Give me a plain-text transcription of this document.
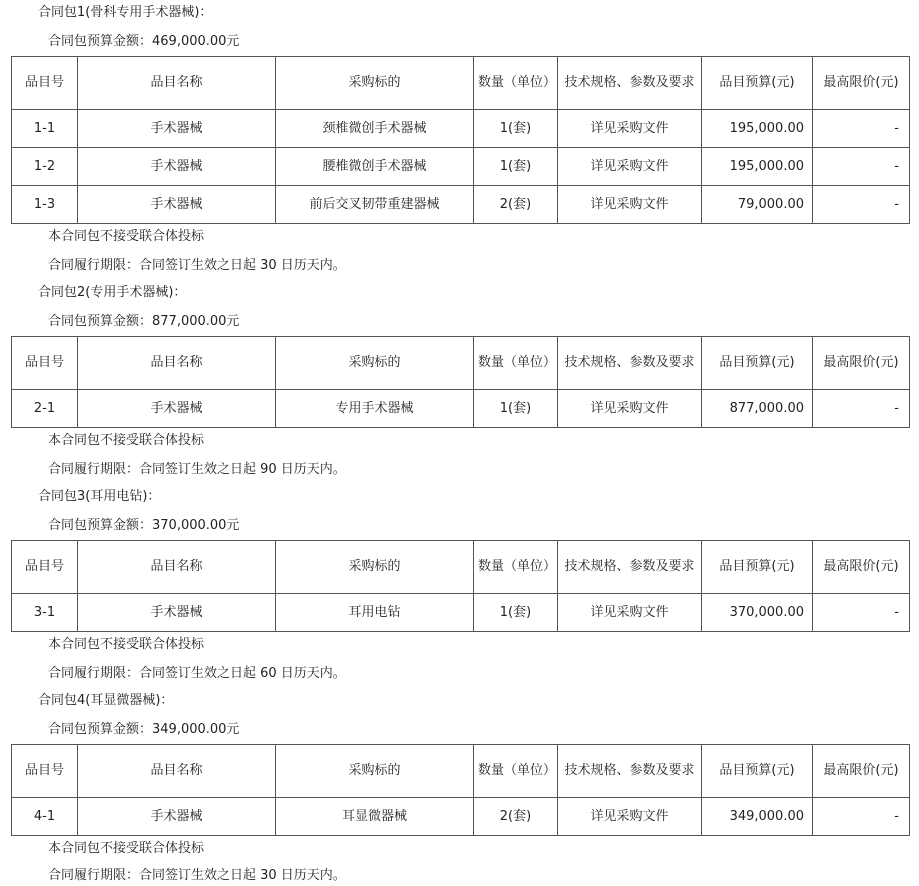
合同包1(骨科专用手术器械)：
合同包预算金额：469,000.00元
品目号	品目名称	采购标的	数量（单位）	技术规格、参数及要求	品目预算(元)	最高限价(元)
1-1	手术器械	颈椎微创手术器械	1(套)	详见采购文件	195,000.00	-
1-2	手术器械	腰椎微创手术器械	1(套)	详见采购文件	195,000.00	-
1-3	手术器械	前后交叉韧带重建器械	2(套)	详见采购文件	79,000.00	-
本合同包不接受联合体投标
合同履行期限：合同签订生效之日起 30 日历天内。
合同包2(专用手术器械)：
合同包预算金额：877,000.00元
品目号	品目名称	采购标的	数量（单位）	技术规格、参数及要求	品目预算(元)	最高限价(元)
2-1	手术器械	专用手术器械	1(套)	详见采购文件	877,000.00	-
本合同包不接受联合体投标
合同履行期限：合同签订生效之日起 90 日历天内。
合同包3(耳用电钻)：
合同包预算金额：370,000.00元
品目号	品目名称	采购标的	数量（单位）	技术规格、参数及要求	品目预算(元)	最高限价(元)
3-1	手术器械	耳用电钻	1(套)	详见采购文件	370,000.00	-
本合同包不接受联合体投标
合同履行期限：合同签订生效之日起 60 日历天内。
合同包4(耳显微器械)：
合同包预算金额：349,000.00元
品目号	品目名称	采购标的	数量（单位）	技术规格、参数及要求	品目预算(元)	最高限价(元)
4-1	手术器械	耳显微器械	2(套)	详见采购文件	349,000.00	-
本合同包不接受联合体投标
合同履行期限：合同签订生效之日起 30 日历天内。
